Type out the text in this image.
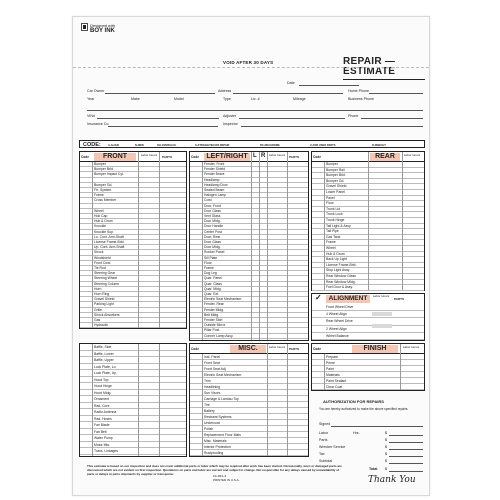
Designed with
BOY INK
VOID AFTER 30 DAYS	REPAIR —
ESTIMATE
Date
Car Owner	Address	Home Phone
Year	Make	Model	Type	Lic. #	Mileage	Business Phone
VIN#	Adjuster	Phone
Insurance Co.	Inspector
CODE:	A-ALIGN	N-NEW	OH-OVERHAUL	S-STRAIGHTEN OR REPAIR	RC-RECHROME	U-FOR USED PARTS	R-REBUILT
Code	FRONT	Labor Hours
PARTS
Bumper
Bumper Brkt.
Bumper Impact Cyl.
Bumper Gd.
Frt. System
Frame
Cross Member
Wheel
Hub Cap
Hub & Drum
Knuckle
Knuckle Sup.
Lo. Cont. Arm-Shaft
License Frame-Brkt.
Up. Cont. Arm-Shaft
Shock
Windshield
Front Cowl
Tie Rod
Steering Gear
Steering Wheel
Steering Column
Horn
Horn Ring
Gravel Shield
Parking Light
Grille
Shock Absorbers
Gas
Hydraulic
Code	LEFT/RIGHT L R Labor Hours
PARTS
Fender, Front
Fender Shield
Fender Brace
Headlamp
Headlamp Door
Sealed Beam
Halogen Lamp
Cowl
Door, Front
Door Glass
Vent Glass
Door Mldg.
Door Handle
Center Post
Door, Rear
Door Glass
Door Mldg.
Rocker Panel
Sill Plate
Floor
Frame
Dog Leg
Quar. Panel
Quar. Glass
Quar. Mldg.
Quar. Ext.
Electric Seat Mechanism
Fender, Rear
Fender Mldg.
Belt Mldg.
Fender Skirt
Outside Mirror
Pillar Post
Conner Lamp Assy.
Code	REAR	Labor Hours
Bumper
Bumper Rail
Bumper Brkt.
Bumper Gd.
Gravel Shield
Lower Panel
Panel
Floor
Trunk Lid
Trunk Lock
Trunk Hinge
Tail Light & Assy
Tail Pipe
Gas Tank
Frame
Wheel
Hub & Drum
Back Up Light
License Frame-Brkt.
Stop Light Assy.
Rear Window Glass
Rear Window Mldg.
Fuel Door & Assy.
✓	ALIGNMENT	Labor Hours
PARTS
Front Wheel Drive
4 Wheel Align
Rear Wheel Drive
2 Wheel Align
Wheel Balance
Baffle, Side
Baffle, Lower
Baffle, Upper
Lock Plate, Lo.
Lock Plate, Up.
Hood Top
Hood Hinge
Hood Mldg.
Ornament
Rad. Core
Radio Antenna
Rad. Hoses
Fan Blade
Fan Belt
Water Pump
Motor Mts.
Trans. Linkages
Code	MISC.	Labor Hours
PARTS
Inst. Panel
Front Seat
Front Seat Adj.
Electric Seat Mechanism
Trim
Headlining
Sun Visors
Carriage & Landau Top
Tire
Battery
Restraint Systems
Undercoat
Polish
Replacement Floor Mats
Misc. Materials
Interior Protection
Rustproofing
Code	FINISH	Labor Hours
Prepare
Prime
Paint
Materials
Paint Sealant
Clear Coat
AUTHORIZATION FOR REPAIRS
You are hereby authorized to make the above specified repairs.
Signed
Labor	Hrs.	$
Parts	$
Wrecker Service	$
Tax	$
Subtotal	$
Total $
This estimate is based on our inspection and does not cover additional parts or labor which may be required after work has been started. Occasionally, worn or damaged parts are discovered which are not evident on first inspection. Quotations on parts and labor are current and subject to change. Not responsible for any delays caused by unavailability of parts or delays in parts shipments by supplier or transporter.
FK-RF1-3
PRINTED IN U.S.A.	Thank You
